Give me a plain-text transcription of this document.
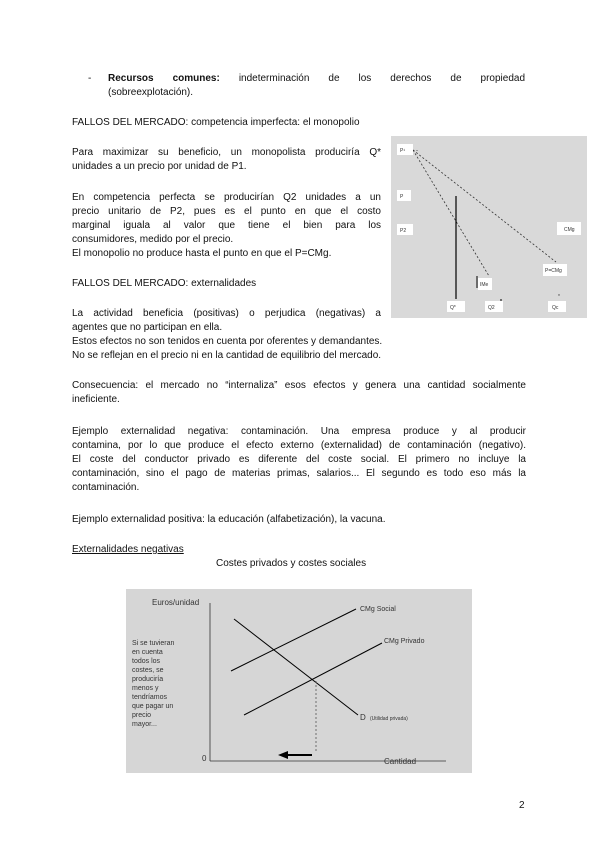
- Recursos comunes: indeterminación de los derechos de propiedad
(sobreexplotación).
FALLOS DEL MERCADO: competencia imperfecta: el monopolio
Para maximizar su beneficio, un monopolista produciría Q*
unidades a un precio por unidad de P1.
En competencia perfecta se producirían Q2 unidades a un
precio unitario de P2, pues es el punto en que el costo
marginal iguala al valor que tiene el bien para los
consumidores, medido por el precio.
El monopolio no produce hasta el punto en que el P=CMg.
P¹ -
P
P2	CMg
P=CMg
IMe
*
Q*	Q2	Qc
FALLOS DEL MERCADO: externalidades
La actividad beneficia (positivas) o perjudica (negativas) a
agentes que no participan en ella.
Estos efectos no son tenidos en cuenta por oferentes y demandantes.
No se reflejan en el precio ni en la cantidad de equilibrio del mercado.
Consecuencia: el mercado no “internaliza” esos efectos y genera una cantidad socialmente
ineficiente.
Ejemplo externalidad negativa: contaminación. Una empresa produce y al producir
contamina, por lo que produce el efecto externo (externalidad) de contaminación (negativo).
El coste del conductor privado es diferente del coste social. El primero no incluye la
contaminación, sino el pago de materias primas, salarios... El segundo es todo eso más la
contaminación.
Ejemplo externalidad positiva: la educación (alfabetización), la vacuna.
Externalidades negativas
Costes privados y costes sociales
Euros/unidad
Cantidad
0
CMg Social
CMg Privado
D (Utilidad privada)
Si se tuvieran
en cuenta
todos los
costes, se
produciría
menos y
tendríamos
que pagar un
precio
mayor...
2
